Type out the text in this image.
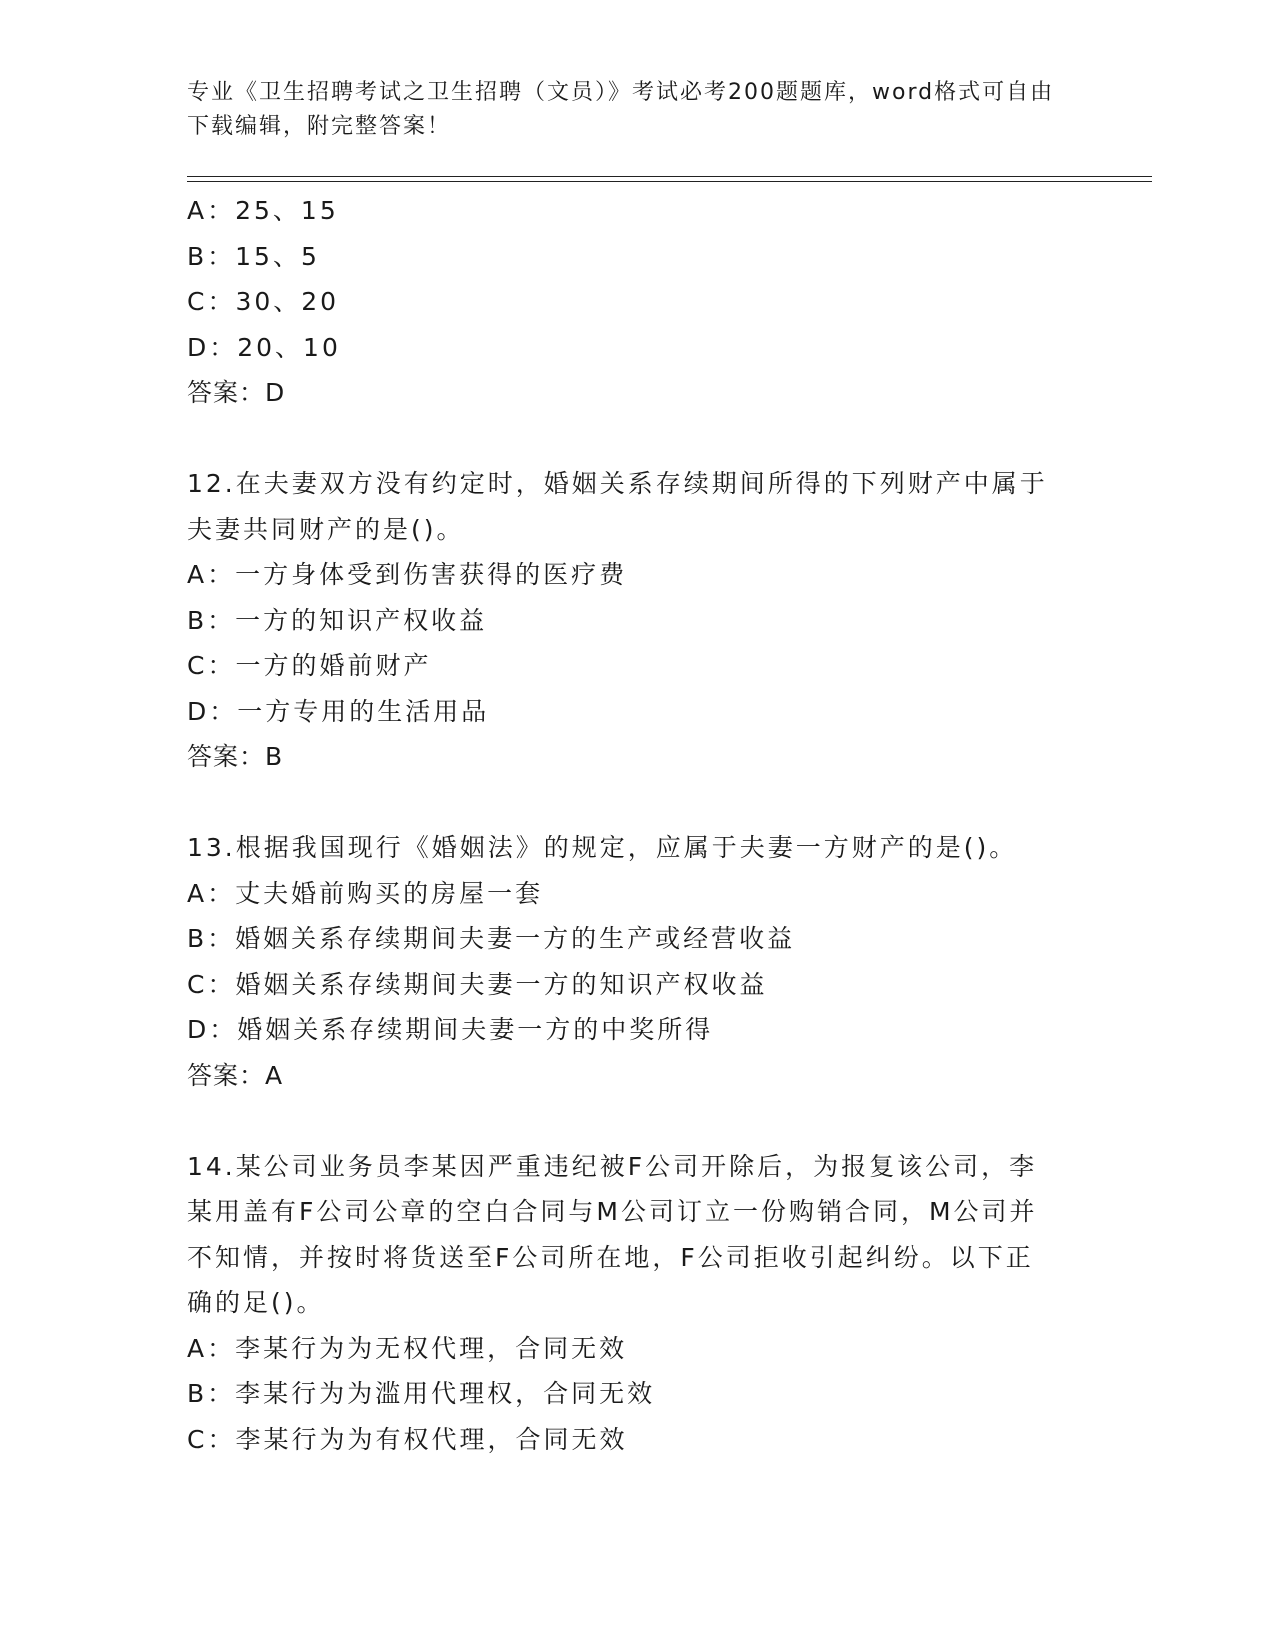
专业《卫生招聘考试之卫生招聘（文员）》考试必考200题题库，word格式可自由下载编辑，附完整答案！

A：25、15

B：15、5

C：30、20

D：20、10

答案：D

12.在夫妻双方没有约定时，婚姻关系存续期间所得的下列财产中属于

夫妻共同财产的是()。

A：一方身体受到伤害获得的医疗费

B：一方的知识产权收益

C：一方的婚前财产

D：一方专用的生活用品

答案：B

13.根据我国现行《婚姻法》的规定，应属于夫妻一方财产的是()。

A：丈夫婚前购买的房屋一套

B：婚姻关系存续期间夫妻一方的生产或经营收益

C：婚姻关系存续期间夫妻一方的知识产权收益

D：婚姻关系存续期间夫妻一方的中奖所得

答案：A

14.某公司业务员李某因严重违纪被F公司开除后，为报复该公司，李

某用盖有F公司公章的空白合同与M公司订立一份购销合同，M公司并

不知情，并按时将货送至F公司所在地，F公司拒收引起纠纷。以下正

确的足()。

A：李某行为为无权代理，合同无效

B：李某行为为滥用代理权，合同无效

C：李某行为为有权代理，合同无效
